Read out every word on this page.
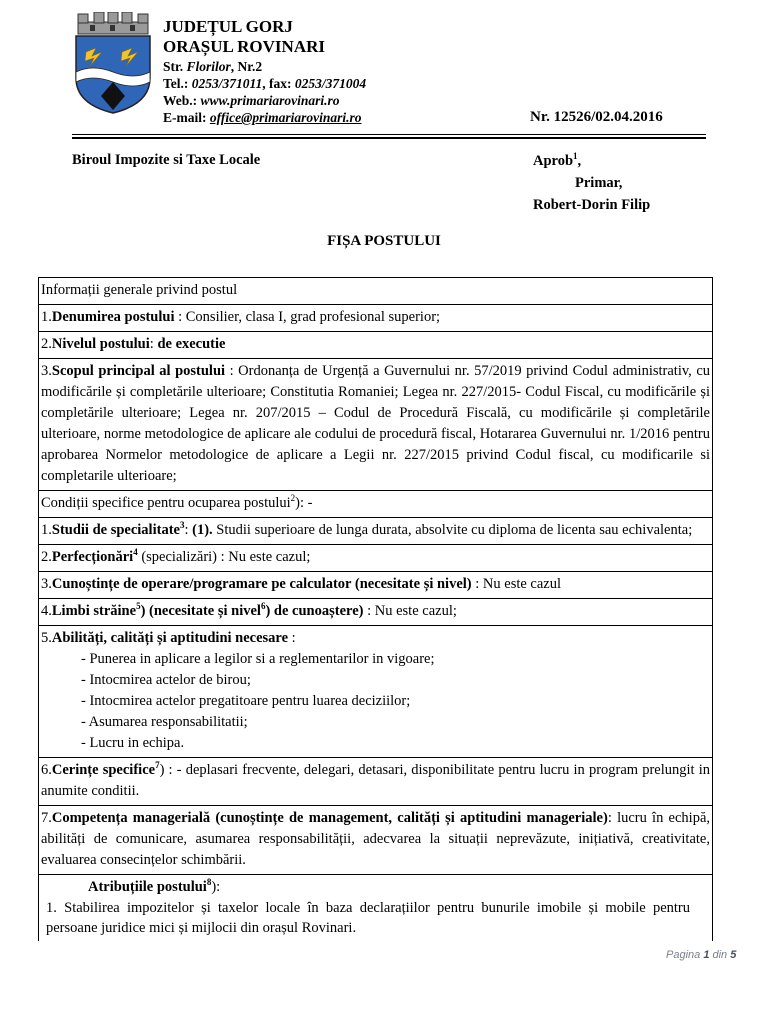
JUDEȚUL GORJ
ORAȘUL ROVINARI
Str. Florilor, Nr.2
Tel.: 0253/371011, fax: 0253/371004
Web.: www.primariarovinari.ro
E-mail: office@primariarovinari.ro	Nr. 12526/02.04.2016
Biroul Impozite si Taxe Locale	Aprob$^1$,
Primar,
Robert-Dorin Filip
FIȘA POSTULUI
Informații generale privind postul
1.Denumirea postului : Consilier, clasa I, grad profesional superior;
2.Nivelul postului: de executie
3.Scopul principal al postului : Ordonanța de Urgență a Guvernului nr. 57/2019 privind Codul administrativ, cu modificările și completările ulterioare; Constitutia Romaniei; Legea nr. 227/2015- Codul Fiscal, cu modificările și completările ulterioare; Legea nr. 207/2015 – Codul de Procedură Fiscală, cu modificările și completările ulterioare, norme metodologice de aplicare ale codului de procedură fiscal, Hotararea Guvernului nr. 1/2016 pentru aprobarea Normelor metodologice de aplicare a Legii nr. 227/2015 privind Codul fiscal, cu modificarile si completarile ulterioare;
Condiții specifice pentru ocuparea postului$^2$): -
1.Studii de specialitate$^3$: (1). Studii superioare de lunga durata, absolvite cu diploma de licenta sau echivalenta;
2.Perfecționări$^4$ (specializări) : Nu este cazul;
3.Cunoștințe de operare/programare pe calculator (necesitate și nivel) : Nu este cazul
4.Limbi străine$^5$) (necesitate și nivel$^6$) de cunoaștere) : Nu este cazul;

5.Abilități, calități și aptitudini necesare :
- Punerea in aplicare a legilor si a reglementarilor in vigoare;
- Intocmirea actelor de birou;
- Intocmirea actelor pregatitoare pentru luarea deciziilor;
- Asumarea responsabilitatii;
- Lucru in echipa.

6.Cerințe specifice$^7$) : - deplasari frecvente, delegari, detasari, disponibilitate pentru lucru in program prelungit in anumite conditii.
7.Competența managerială (cunoștințe de management, calități și aptitudini manageriale): lucru în echipă, abilități de comunicare, asumarea responsabilității, adecvarea la situații neprevăzute, inițiativă, creativitate, evaluarea consecințelor schimbării.

Atribuțiile postului$^8$):
1. Stabilirea impozitelor și taxelor locale în baza declarațiilor pentru bunurile imobile și mobile pentru persoane juridice mici și mijlocii din orașul Rovinari.
Pagina 1 din 5
